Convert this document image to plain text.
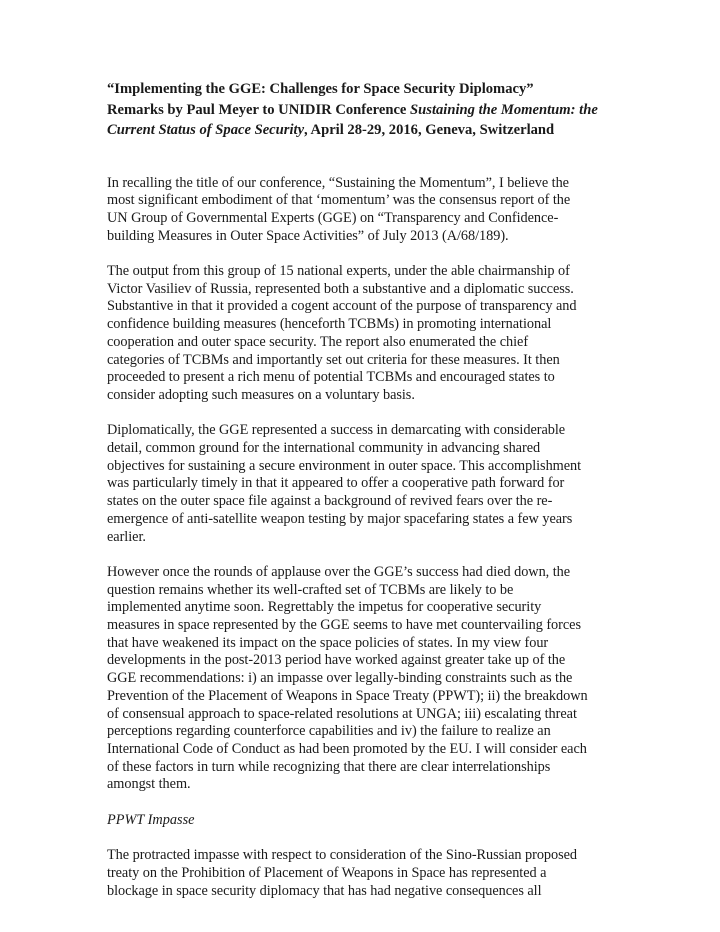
“Implementing the GGE: Challenges for Space Security Diplomacy”
Remarks by Paul Meyer to UNIDIR Conference Sustaining the Momentum: the
Current Status of Space Security, April 28-29, 2016, Geneva, Switzerland

In recalling the title of our conference, “Sustaining the Momentum”, I believe the
most significant embodiment of that ‘momentum’ was the consensus report of the
UN Group of Governmental Experts (GGE) on “Transparency and Confidence-
building Measures in Outer Space Activities” of July 2013 (A/68/189).

The output from this group of 15 national experts, under the able chairmanship of
Victor Vasiliev of Russia, represented both a substantive and a diplomatic success.
Substantive in that it provided a cogent account of the purpose of transparency and
confidence building measures (henceforth TCBMs) in promoting international
cooperation and outer space security. The report also enumerated the chief
categories of TCBMs and importantly set out criteria for these measures. It then
proceeded to present a rich menu of potential TCBMs and encouraged states to
consider adopting such measures on a voluntary basis.

Diplomatically, the GGE represented a success in demarcating with considerable
detail, common ground for the international community in advancing shared
objectives for sustaining a secure environment in outer space. This accomplishment
was particularly timely in that it appeared to offer a cooperative path forward for
states on the outer space file against a background of revived fears over the re-
emergence of anti-satellite weapon testing by major spacefaring states a few years
earlier.

However once the rounds of applause over the GGE’s success had died down, the
question remains whether its well-crafted set of TCBMs are likely to be
implemented anytime soon. Regrettably the impetus for cooperative security
measures in space represented by the GGE seems to have met countervailing forces
that have weakened its impact on the space policies of states. In my view four
developments in the post-2013 period have worked against greater take up of the
GGE recommendations: i) an impasse over legally-binding constraints such as the
Prevention of the Placement of Weapons in Space Treaty (PPWT); ii) the breakdown
of consensual approach to space-related resolutions at UNGA; iii) escalating threat
perceptions regarding counterforce capabilities and iv) the failure to realize an
International Code of Conduct as had been promoted by the EU. I will consider each
of these factors in turn while recognizing that there are clear interrelationships
amongst them.

PPWT Impasse

The protracted impasse with respect to consideration of the Sino-Russian proposed
treaty on the Prohibition of Placement of Weapons in Space has represented a
blockage in space security diplomacy that has had negative consequences all
